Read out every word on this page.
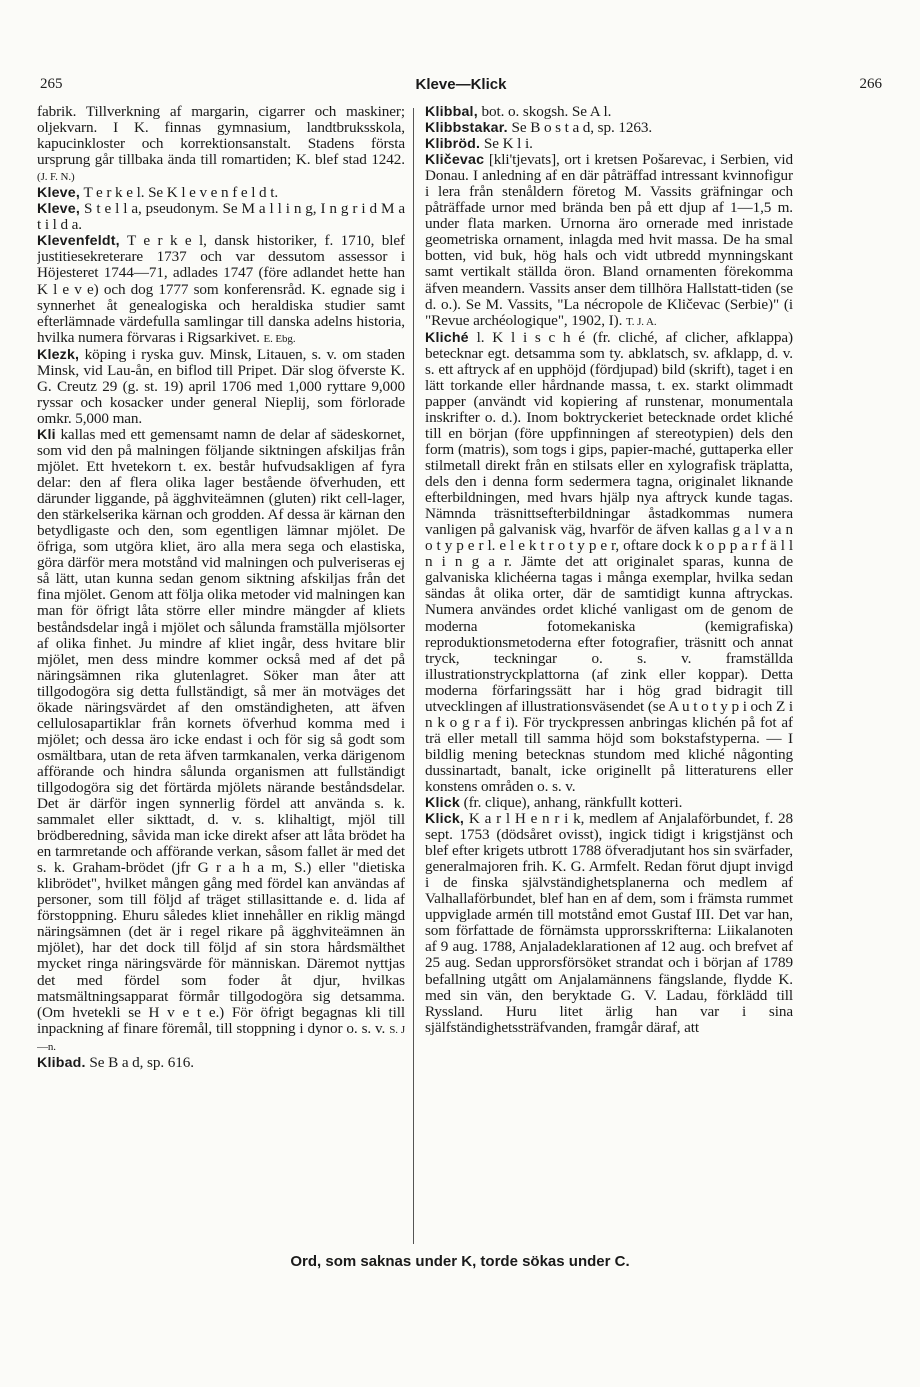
265	Kleve—Klick	266

fabrik. Tillverkning af margarin, cigarrer och maskiner; oljekvarn. I K. finnas gymnasium, landtbruksskola, kapucinkloster och korrektionsanstalt. Stadens första ursprung går tillbaka ända till romartiden; K. blef stad 1242. (J. F. N.)

Kleve, T e r k e l. Se K l e v e n f e l d t.

Kleve, S t e l l a, pseudonym. Se M a l l i n g, I n g r i d M a t i l d a.

Klevenfeldt, T e r k e l, dansk historiker, f. 1710, blef justitiesekreterare 1737 och var dessutom assessor i Höjesteret 1744—71, adlades 1747 (före adlandet hette han K l e v e) och dog 1777 som konferensråd. K. egnade sig i synnerhet åt genealogiska och heraldiska studier samt efterlämnade värdefulla samlingar till danska adelns historia, hvilka numera förvaras i Rigsarkivet. E. Ebg.

Klezk, köping i ryska guv. Minsk, Litauen, s. v. om staden Minsk, vid Lau-ån, en biflod till Pripet. Där slog öfverste K. G. Creutz 29 (g. st. 19) april 1706 med 1,000 ryttare 9,000 ryssar och kosacker under general Nieplij, som förlorade omkr. 5,000 man.

Kli kallas med ett gemensamt namn de delar af sädeskornet, som vid den på malningen följande siktningen afskiljas från mjölet. Ett hvetekorn t. ex. består hufvudsakligen af fyra delar: den af flera olika lager bestående öfverhuden, ett därunder liggande, på ägghviteämnen (gluten) rikt cell-lager, den stärkelserika kärnan och grodden. Af dessa är kärnan den betydligaste och den, som egentligen lämnar mjölet. De öfriga, som utgöra kliet, äro alla mera sega och elastiska, göra därför mera motstånd vid malningen och pulveriseras ej så lätt, utan kunna sedan genom siktning afskiljas från det fina mjölet. Genom att följa olika metoder vid malningen kan man för öfrigt låta större eller mindre mängder af kliets beståndsdelar ingå i mjölet och sålunda framställa mjölsorter af olika finhet. Ju mindre af kliet ingår, dess hvitare blir mjölet, men dess mindre kommer också med af det på näringsämnen rika glutenlagret. Söker man åter att tillgodogöra sig detta fullständigt, så mer än motväges det ökade näringsvärdet af den omständigheten, att äfven cellulosapartiklar från kornets öfverhud komma med i mjölet; och dessa äro icke endast i och för sig så godt som osmältbara, utan de reta äfven tarmkanalen, verka därigenom afförande och hindra sålunda organismen att fullständigt tillgodogöra sig det förtärda mjölets närande beståndsdelar. Det är därför ingen synnerlig fördel att använda s. k. sammalet eller sikttadt, d. v. s. klihaltigt, mjöl till brödberedning, såvida man icke direkt afser att låta brödet ha en tarmretande och afförande verkan, såsom fallet är med det s. k. Graham-brödet (jfr G r a h a m, S.) eller "dietiska klibrödet", hvilket mången gång med fördel kan användas af personer, som till följd af träget stillasittande e. d. lida af förstoppning. Ehuru således kliet innehåller en riklig mängd näringsämnen (det är i regel rikare på ägghviteämnen än mjölet), har det dock till följd af sin stora hårdsmälthet mycket ringa näringsvärde för människan. Däremot nyttjas det med fördel som foder åt djur, hvilkas matsmältningsapparat förmår tillgodogöra sig detsamma. (Om hvetekli se H v e t e.) För öfrigt begagnas kli till inpackning af finare föremål, till stoppning i dynor o. s. v. S. J—n.

Klibad. Se B a d, sp. 616.

Klibbal, bot. o. skogsh. Se A l.

Klibbstakar. Se B o s t a d, sp. 1263.

Klibröd. Se K l i.

Kličevac [kli'tjevats], ort i kretsen Pošarevac, i Serbien, vid Donau. I anledning af en där påträffad intressant kvinnofigur i lera från stenåldern företog M. Vassits gräfningar och påträffade urnor med brända ben på ett djup af 1—1,5 m. under flata marken. Urnorna äro ornerade med inristade geometriska ornament, inlagda med hvit massa. De ha smal botten, vid buk, hög hals och vidt utbredd mynningskant samt vertikalt ställda öron. Bland ornamenten förekomma äfven meandern. Vassits anser dem tillhöra Hallstatt-tiden (se d. o.). Se M. Vassits, "La nécropole de Kličevac (Serbie)" (i "Revue archéologique", 1902, I). T. J. A.

Kliché l. K l i s c h é (fr. cliché, af clicher, afklappa) betecknar egt. detsamma som ty. abklatsch, sv. afklapp, d. v. s. ett aftryck af en upphöjd (fördjupad) bild (skrift), taget i en lätt torkande eller hårdnande massa, t. ex. starkt olimmadt papper (användt vid kopiering af runstenar, monumentala inskrifter o. d.). Inom boktryckeriet betecknade ordet kliché till en början (före uppfinningen af stereotypien) dels den form (matris), som togs i gips, papier-maché, guttaperka eller stilmetall direkt från en stilsats eller en xylografisk träplatta, dels den i denna form sedermera tagna, originalet liknande efterbildningen, med hvars hjälp nya aftryck kunde tagas. Nämnda träsnittsefterbildningar åstadkommas numera vanligen på galvanisk väg, hvarför de äfven kallas g a l v a n o t y p e r l. e l e k t r o t y p e r, oftare dock k o p p a r f ä l l n i n g a r. Jämte det att originalet sparas, kunna de galvaniska klichéerna tagas i många exemplar, hvilka sedan sändas åt olika orter, där de samtidigt kunna aftryckas. Numera användes ordet kliché vanligast om de genom de moderna fotomekaniska (kemigrafiska) reproduktionsmetoderna efter fotografier, träsnitt och annat tryck, teckningar o. s. v. framställda illustrationstryckplattorna (af zink eller koppar). Detta moderna förfaringssätt har i hög grad bidragit till utvecklingen af illustrationsväsendet (se A u t o t y p i och Z i n k o g r a f i). För tryckpressen anbringas klichén på fot af trä eller metall till samma höjd som bokstafstyperna. — I bildlig mening betecknas stundom med kliché någonting dussinartadt, banalt, icke originellt på litteraturens eller konstens områden o. s. v.

Klick (fr. clique), anhang, ränkfullt kotteri.

Klick, K a r l H e n r i k, medlem af Anjalaförbundet, f. 28 sept. 1753 (dödsåret ovisst), ingick tidigt i krigstjänst och blef efter krigets utbrott 1788 öfveradjutant hos sin svärfader, generalmajoren frih. K. G. Armfelt. Redan förut djupt invigd i de finska självständighetsplanerna och medlem af Valhallaförbundet, blef han en af dem, som i främsta rummet uppviglade armén till motstånd emot Gustaf III. Det var han, som författade de förnämsta upprorsskrifterna: Liikalanoten af 9 aug. 1788, Anjaladeklarationen af 12 aug. och brefvet af 25 aug. Sedan upprorsförsöket strandat och i början af 1789 befallning utgått om Anjalamännens fängslande, flydde K. med sin vän, den beryktade G. V. Ladau, förklädd till Ryssland. Huru litet ärlig han var i sina själfständighetssträfvanden, framgår däraf, att

Ord, som saknas under K, torde sökas under C.
